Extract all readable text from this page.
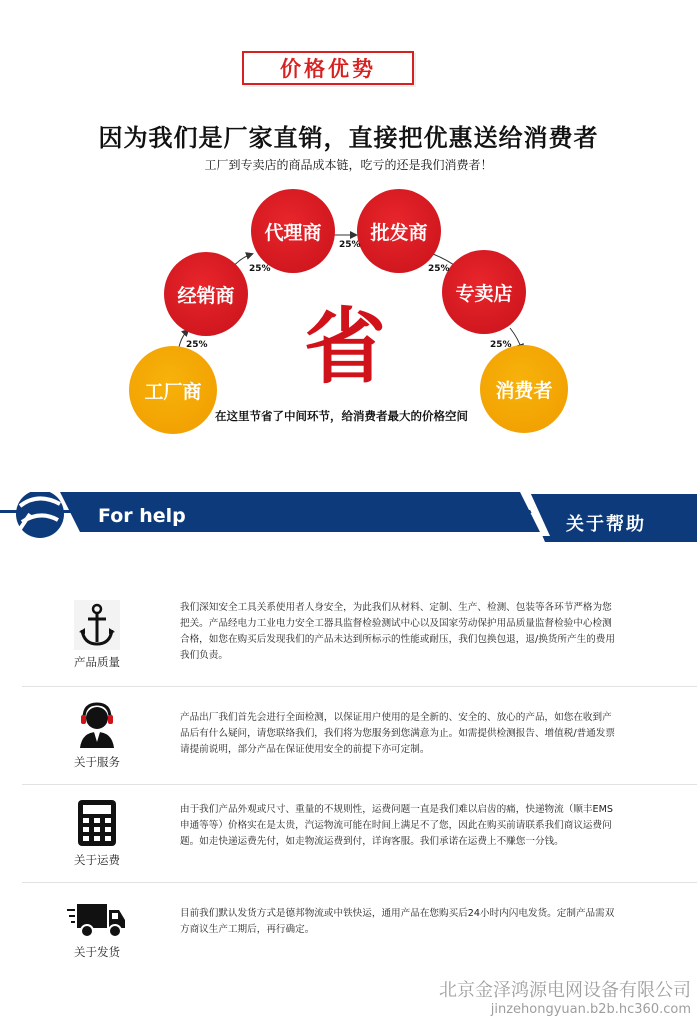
价格优势
因为我们是厂家直销，直接把优惠送给消费者
工厂到专卖店的商品成本链，吃亏的还是我们消费者！
工厂商
经销商
代理商	批发商
专卖店
消费者
25%
25%
25%
25%
25%
省
在这里节省了中间环节，给消费者最大的价格空间
For help	关于帮助
产品质量
我们深知安全工具关系使用者人身安全，为此我们从材料、定制、生产、检测、包装等各环节严格为您把关。产品经电力工业电力安全工器具监督检验测试中心以及国家劳动保护用品质量监督检验中心检测合格，如您在购买后发现我们的产品未达到所标示的性能或耐压，我们包换包退，退/换货所产生的费用我们负责。
关于服务
产品出厂我们首先会进行全面检测，以保证用户使用的是全新的、安全的、放心的产品，如您在收到产品后有什么疑问，请您联络我们，我们将为您服务到您满意为止。如需提供检测报告、增值税/普通发票请提前说明，部分产品在保证使用安全的前提下亦可定制。
关于运费
由于我们产品外观或尺寸、重量的不规则性，运费问题一直是我们难以启齿的痛，快递物流（顺丰EMS申通等等）价格实在是太贵，汽运物流可能在时间上满足不了您，因此在购买前请联系我们商议运费问题。如走快递运费先付，如走物流运费到付，详询客服。我们承诺在运费上不赚您一分钱。
关于发货
目前我们默认发货方式是德邦物流或中铁快运，通用产品在您购买后24小时内闪电发货。定制产品需双方商议生产工期后，再行确定。
北京金泽鸿源电网设备有限公司
jinzehongyuan.b2b.hc360.com
